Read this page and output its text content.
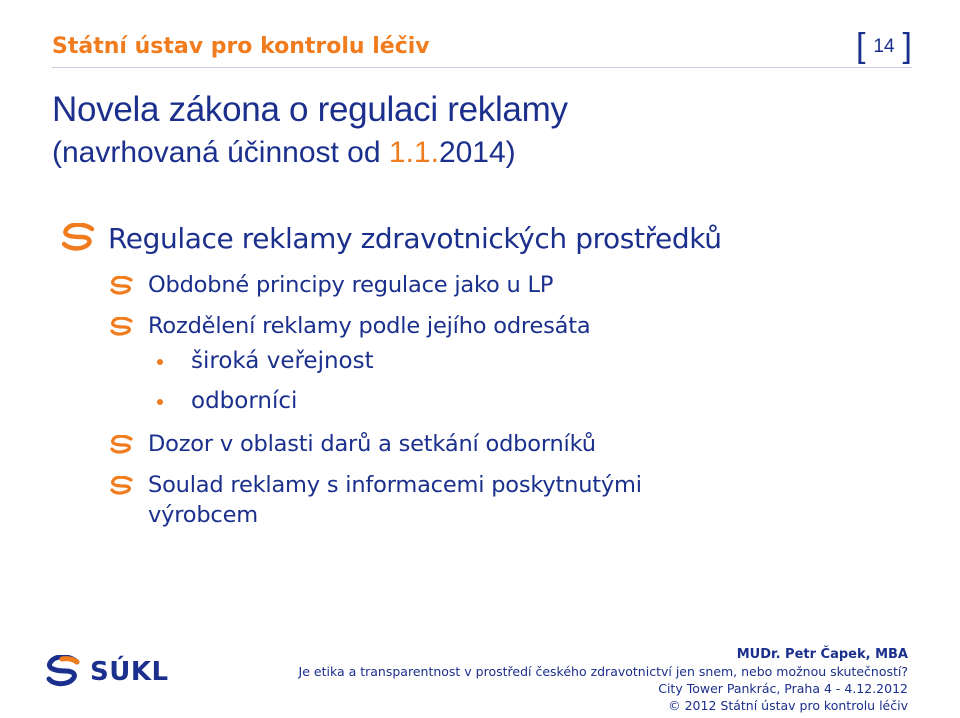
Státní ústav pro kontrolu léčiv	[ 14 ]
Novela zákona o regulaci reklamy
(navrhovaná účinnost od 1.1.2014)
Regulace reklamy zdravotnických prostředků
Obdobné principy regulace jako u LP
Rozdělení reklamy podle jejího odresáta
široká veřejnost
odborníci
Dozor v oblasti darů a setkání odborníků
Soulad reklamy s informacemi poskytnutými výrobcem
SÚKL
MUDr. Petr Čapek, MBA
Je etika a transparentnost v prostředí českého zdravotnictví jen snem, nebo možnou skutečností?
City Tower Pankrác, Praha 4 - 4.12.2012
© 2012 Státní ústav pro kontrolu léčiv
